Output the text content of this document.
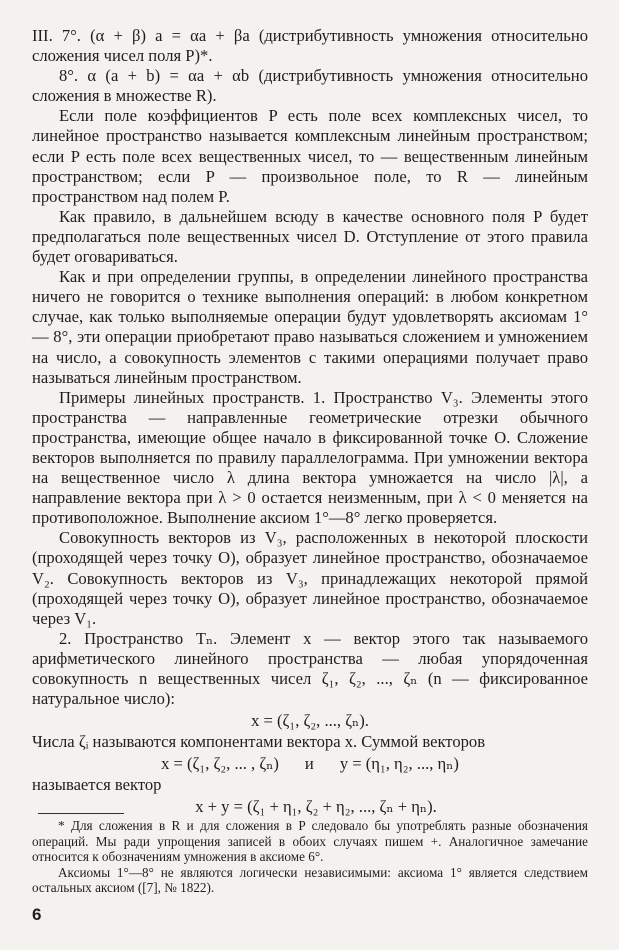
III. 7°. (α + β) a = αa + βa (дистрибутивность умножения относительно сложения чисел поля P)*.

8°. α (a + b) = αa + αb (дистрибутивность умножения относительно сложения в множестве R).

Если поле коэффициентов P есть поле всех комплексных чисел, то линейное пространство называется комплексным линейным пространством; если P есть поле всех вещественных чисел, то — вещественным линейным пространством; если P — произвольное поле, то R — линейным пространством над полем P.

Как правило, в дальнейшем всюду в качестве основного поля P будет предполагаться поле вещественных чисел D. Отступление от этого правила будет оговариваться.

Как и при определении группы, в определении линейного пространства ничего не говорится о технике выполнения операций: в любом конкретном случае, как только выполняемые операции будут удовлетворять аксиомам 1° — 8°, эти операции приобретают право называться сложением и умножением на число, а совокупность элементов с такими операциями получает право называться линейным пространством.

Примеры линейных пространств. 1. Пространство V₃. Элементы этого пространства — направленные геометрические отрезки обычного пространства, имеющие общее начало в фиксированной точке O. Сложение векторов выполняется по правилу параллелограмма. При умножении вектора на вещественное число λ длина вектора умножается на число |λ|, а направление вектора при λ > 0 остается неизменным, при λ < 0 меняется на противоположное. Выполнение аксиом 1°—8° легко проверяется.

Совокупность векторов из V₃, расположенных в некоторой плоскости (проходящей через точку O), образует линейное пространство, обозначаемое V₂. Совокупность векторов из V₃, принадлежащих некоторой прямой (проходящей через точку O), образует линейное пространство, обозначаемое через V₁.

2. Пространство Tₙ. Элемент x — вектор этого так называемого арифметического линейного пространства — любая упорядоченная совокупность n вещественных чисел ζ₁, ζ₂, ..., ζₙ (n — фиксированное натуральное число):

x = (ζ₁, ζ₂, ..., ζₙ).

Числа ζᵢ называются компонентами вектора x. Суммой векторов

x = (ζ₁, ζ₂, ... , ζₙ) и y = (η₁, η₂, ..., ηₙ)

называется вектор

x + y = (ζ₁ + η₁, ζ₂ + η₂, ..., ζₙ + ηₙ).

* Для сложения в R и для сложения в P следовало бы употреблять разные обозначения операций. Мы ради упрощения записей в обоих случаях пишем +. Аналогичное замечание относится к обозначениям умножения в аксиоме 6°.

Аксиомы 1°—8° не являются логически независимыми: аксиома 1° является следствием остальных аксиом ([7], № 1822).

6
